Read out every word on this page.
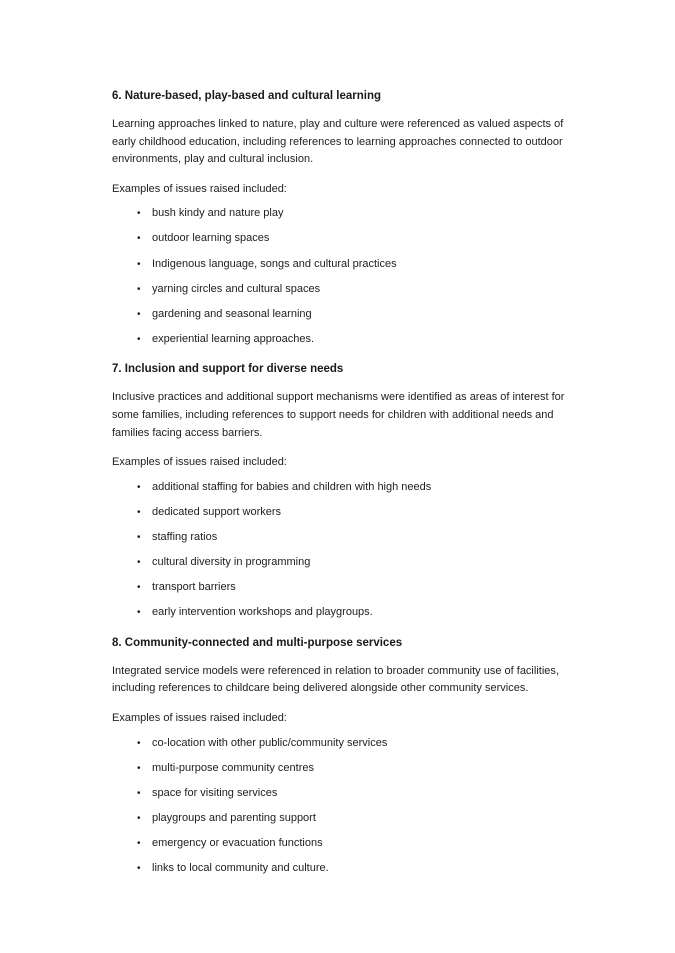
6. Nature-based, play-based and cultural learning

Learning approaches linked to nature, play and culture were referenced as valued aspects of early childhood education, including references to learning approaches connected to outdoor environments, play and cultural inclusion.

Examples of issues raised included:

•	bush kindy and nature play
•	outdoor learning spaces
•	Indigenous language, songs and cultural practices
•	yarning circles and cultural spaces
•	gardening and seasonal learning
•	experiential learning approaches.
7. Inclusion and support for diverse needs

Inclusive practices and additional support mechanisms were identified as areas of interest for some families, including references to support needs for children with additional needs and families facing access barriers.

Examples of issues raised included:

•	additional staffing for babies and children with high needs
•	dedicated support workers
•	staffing ratios
•	cultural diversity in programming
•	transport barriers
•	early intervention workshops and playgroups.
8. Community-connected and multi-purpose services

Integrated service models were referenced in relation to broader community use of facilities, including references to childcare being delivered alongside other community services.

Examples of issues raised included:

•	co-location with other public/community services
•	multi-purpose community centres
•	space for visiting services
•	playgroups and parenting support
•	emergency or evacuation functions
•	links to local community and culture.
